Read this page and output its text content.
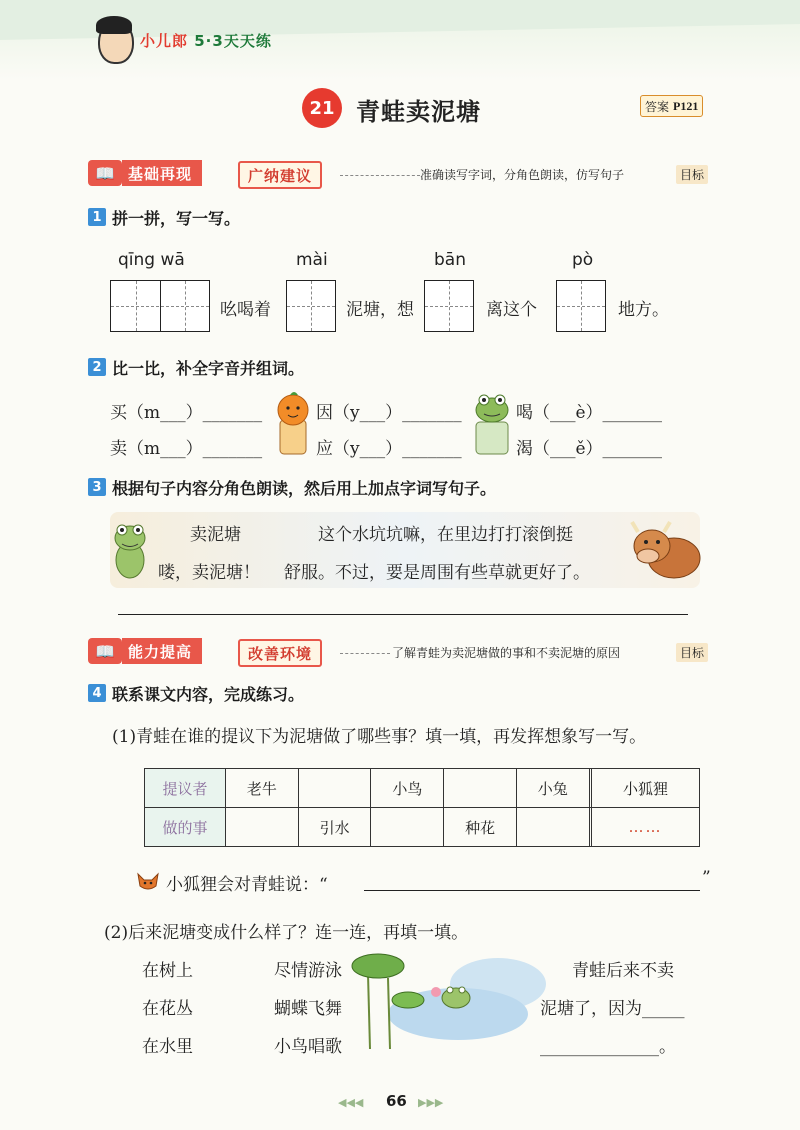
小儿郎 5·3天天练
21 青蛙卖泥塘	答案 P121
📖 基础再现	广纳建议	准确读写字词，分角色朗读，仿写句子	目标
1 拼一拼，写一写。
qīng wā	mài	bān	pò
吆喝着	泥塘，想	离这个	地方。
2 比一比，补全字音并组词。
买（m___）_______	因（y___）_______	喝（___è）_______
卖（m___）_______	应（y___）_______	渴（___ě）_______
3 根据句子内容分角色朗读，然后用上加点字词写句子。
卖泥塘
喽，卖泥塘！
这个水坑坑嘛，在里边打打滚倒挺
舒服。不过，要是周围有些草就更好了。
📖 能力提高	改善环境	了解青蛙为卖泥塘做的事和不卖泥塘的原因	目标
4 联系课文内容，完成练习。
(1)青蛙在谁的提议下为泥塘做了哪些事？填一填，再发挥想象写一写。
提议者	老牛		小鸟		小兔		小狐狸
做的事		引水		种花			……
小狐狸会对青蛙说：“	”
(2)后来泥塘变成什么样了？连一连，再填一填。
在树上
在花丛
在水里
尽情游泳
蝴蝶飞舞
小鸟唱歌
青蛙后来不卖
泥塘了，因为_____
______________。
◀◀◀ 66 ▶▶▶
